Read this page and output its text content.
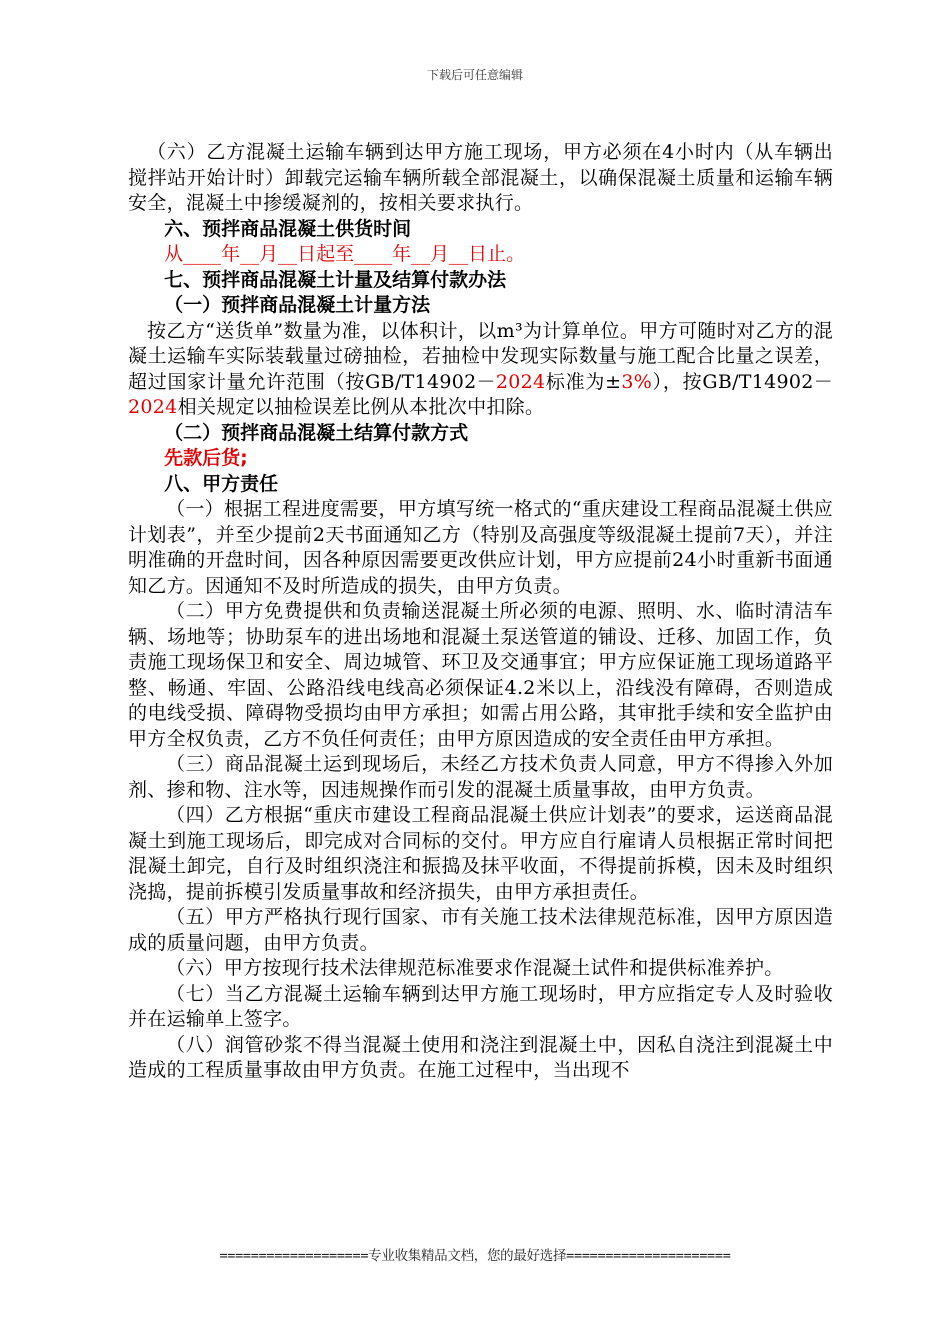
下载后可任意编辑

（六）乙方混凝土运输车辆到达甲方施工现场，甲方必须在4小时内（从车辆出搅拌站开始计时）卸载完运输车辆所载全部混凝土，以确保混凝土质量和运输车辆安全，混凝土中掺缓凝剂的，按相关要求执行。

六、预拌商品混凝土供货时间

从____年__月__日起至____年__月__日止。

七、预拌商品混凝土计量及结算付款办法

（一）预拌商品混凝土计量方法

按乙方“送货单”数量为准，以体积计，以m³为计算单位。甲方可随时对乙方的混凝土运输车实际装载量过磅抽检，若抽检中发现实际数量与施工配合比量之误差，超过国家计量允许范围（按GB/T14902－2024标准为±3%），按GB/T14902－2024相关规定以抽检误差比例从本批次中扣除。

（二）预拌商品混凝土结算付款方式

先款后货;

八、甲方责任

（一）根据工程进度需要，甲方填写统一格式的“重庆建设工程商品混凝土供应计划表”，并至少提前2天书面通知乙方（特别及高强度等级混凝土提前7天），并注明准确的开盘时间，因各种原因需要更改供应计划，甲方应提前24小时重新书面通知乙方。因通知不及时所造成的损失，由甲方负责。

（二）甲方免费提供和负责输送混凝土所必须的电源、照明、水、临时清洁车辆、场地等；协助泵车的进出场地和混凝土泵送管道的铺设、迁移、加固工作，负责施工现场保卫和安全、周边城管、环卫及交通事宜；甲方应保证施工现场道路平整、畅通、牢固、公路沿线电线高必须保证4.2米以上，沿线没有障碍，否则造成的电线受损、障碍物受损均由甲方承担；如需占用公路，其审批手续和安全监护由甲方全权负责，乙方不负任何责任；由甲方原因造成的安全责任由甲方承担。

（三）商品混凝土运到现场后，未经乙方技术负责人同意，甲方不得掺入外加剂、掺和物、注水等，因违规操作而引发的混凝土质量事故，由甲方负责。

（四）乙方根据“重庆市建设工程商品混凝土供应计划表”的要求，运送商品混凝土到施工现场后，即完成对合同标的交付。甲方应自行雇请人员根据正常时间把混凝土卸完，自行及时组织浇注和振捣及抹平收面，不得提前拆模，因未及时组织浇捣，提前拆模引发质量事故和经济损失，由甲方承担责任。

（五）甲方严格执行现行国家、市有关施工技术法律规范标准，因甲方原因造成的质量问题，由甲方负责。

（六）甲方按现行技术法律规范标准要求作混凝土试件和提供标准养护。

（七）当乙方混凝土运输车辆到达甲方施工现场时，甲方应指定专人及时验收并在运输单上签字。

（八）润管砂浆不得当混凝土使用和浇注到混凝土中，因私自浇注到混凝土中造成的工程质量事故由甲方负责。在施工过程中，当出现不

===================专业收集精品文档，您的最好选择=====================
